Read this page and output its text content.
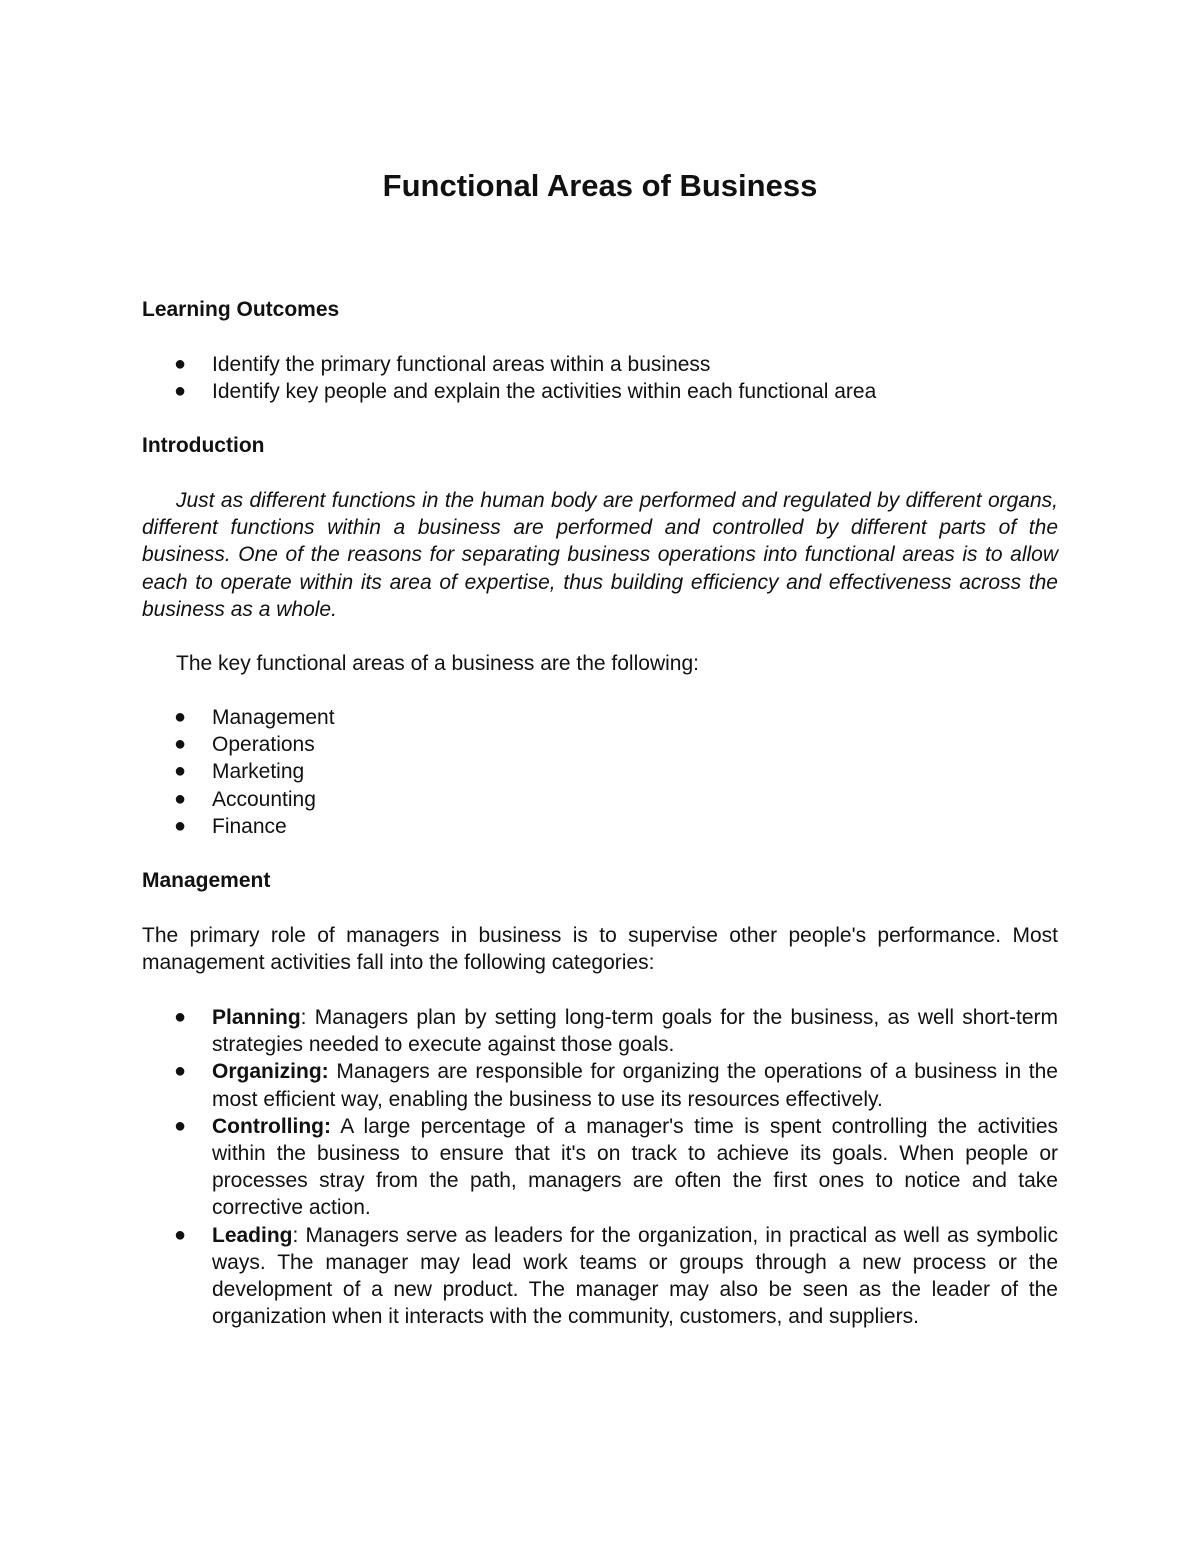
Functional Areas of Business
Learning Outcomes
● Identify the primary functional areas within a business
● Identify key people and explain the activities within each functional area
Introduction

Just as different functions in the human body are performed and regulated by different organs, different functions within a business are performed and controlled by different parts of the business. One of the reasons for separating business operations into functional areas is to allow each to operate within its area of expertise, thus building efficiency and effectiveness across the business as a whole.

The key functional areas of a business are the following:

● Management
● Operations
● Marketing
● Accounting
● Finance
Management

The primary role of managers in business is to supervise other people's performance. Most management activities fall into the following categories:

● Planning: Managers plan by setting long-term goals for the business, as well short-term strategies needed to execute against those goals.
● Organizing: Managers are responsible for organizing the operations of a business in the most efficient way, enabling the business to use its resources effectively.
● Controlling: A large percentage of a manager's time is spent controlling the activities within the business to ensure that it's on track to achieve its goals. When people or processes stray from the path, managers are often the first ones to notice and take corrective action.
● Leading: Managers serve as leaders for the organization, in practical as well as symbolic ways. The manager may lead work teams or groups through a new process or the development of a new product. The manager may also be seen as the leader of the organization when it interacts with the community, customers, and suppliers.
